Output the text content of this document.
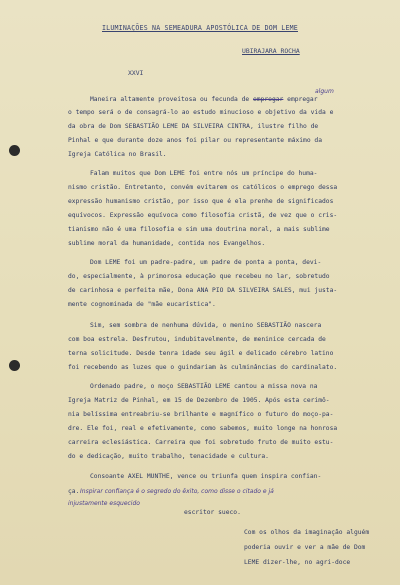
ILUMINAÇÕES NA SEMEADURA APOSTÓLICA DE DOM LEME
UBIRAJARA ROCHA
XXVI
algum
Maneira altamente proveitosa ou fecunda de empregar empregar
o tempo será o de consagrá-lo ao estudo minucioso e objetivo da vida e
da obra de Dom SEBASTIÃO LEME DA SILVEIRA CINTRA, ilustre filho de
Pinhal e que durante doze anos foi pilar ou representante máximo da
Igreja Católica no Brasil.
Falam muitos que Dom LEME foi entre nós um príncipe do huma-
nismo cristão. Entretanto, convém evitarem os católicos o emprego dessa
expressão humanismo cristão, por isso que é ela prenhe de significados
equívocos. Expressão equívoca como filosofia cristã, de vez que o cris-
tianismo não é uma filosofia e sim uma doutrina moral, a mais sublime
sublime moral da humanidade, contida nos Evangelhos.
Dom LEME foi um padre-padre, um padre de ponta a ponta, devi-
do, especialmente, à primorosa educação que recebeu no lar, sobretudo
de carinhosa e perfeita mãe, Dona ANA PIO DA SILVEIRA SALES, mui justa-
mente cognominada de "mãe eucarística".
Sim, sem sombra de nenhuma dúvida, o menino SEBASTIÃO nascera
com boa estrela. Desfrutou, indubitavelmente, de meninice cercada de
terna solicitude. Desde tenra idade seu ágil e delicado cérebro latino
foi recebendo as luzes que o guindariam às culminâncias do cardinalato.
Ordenado padre, o moço SEBASTIÃO LEME cantou a missa nova na
Igreja Matriz de Pinhal, em 15 de Dezembro de 1905. Após esta cerimô-
nia belíssima entreabriu-se brilhante e magnífico o futuro do moço-pa-
dre. Ele foi, real e efetivamente, como sabemos, muito longe na honrosa
carreira eclesiástica. Carreira que foi sobretudo fruto de muito estu-
do e dedicação, muito trabalho, tenacidade e cultura.
Consoante AXEL MUNTHE, vence ou triunfa quem inspira confian-
ça. Inspirar confiança é o segredo do êxito, como disse o citado e já
injustamente esquecido
escritor sueco.
Com os olhos da imaginação alguém
poderia ouvir e ver a mãe de Dom
LEME dizer-lhe, no agri-doce
